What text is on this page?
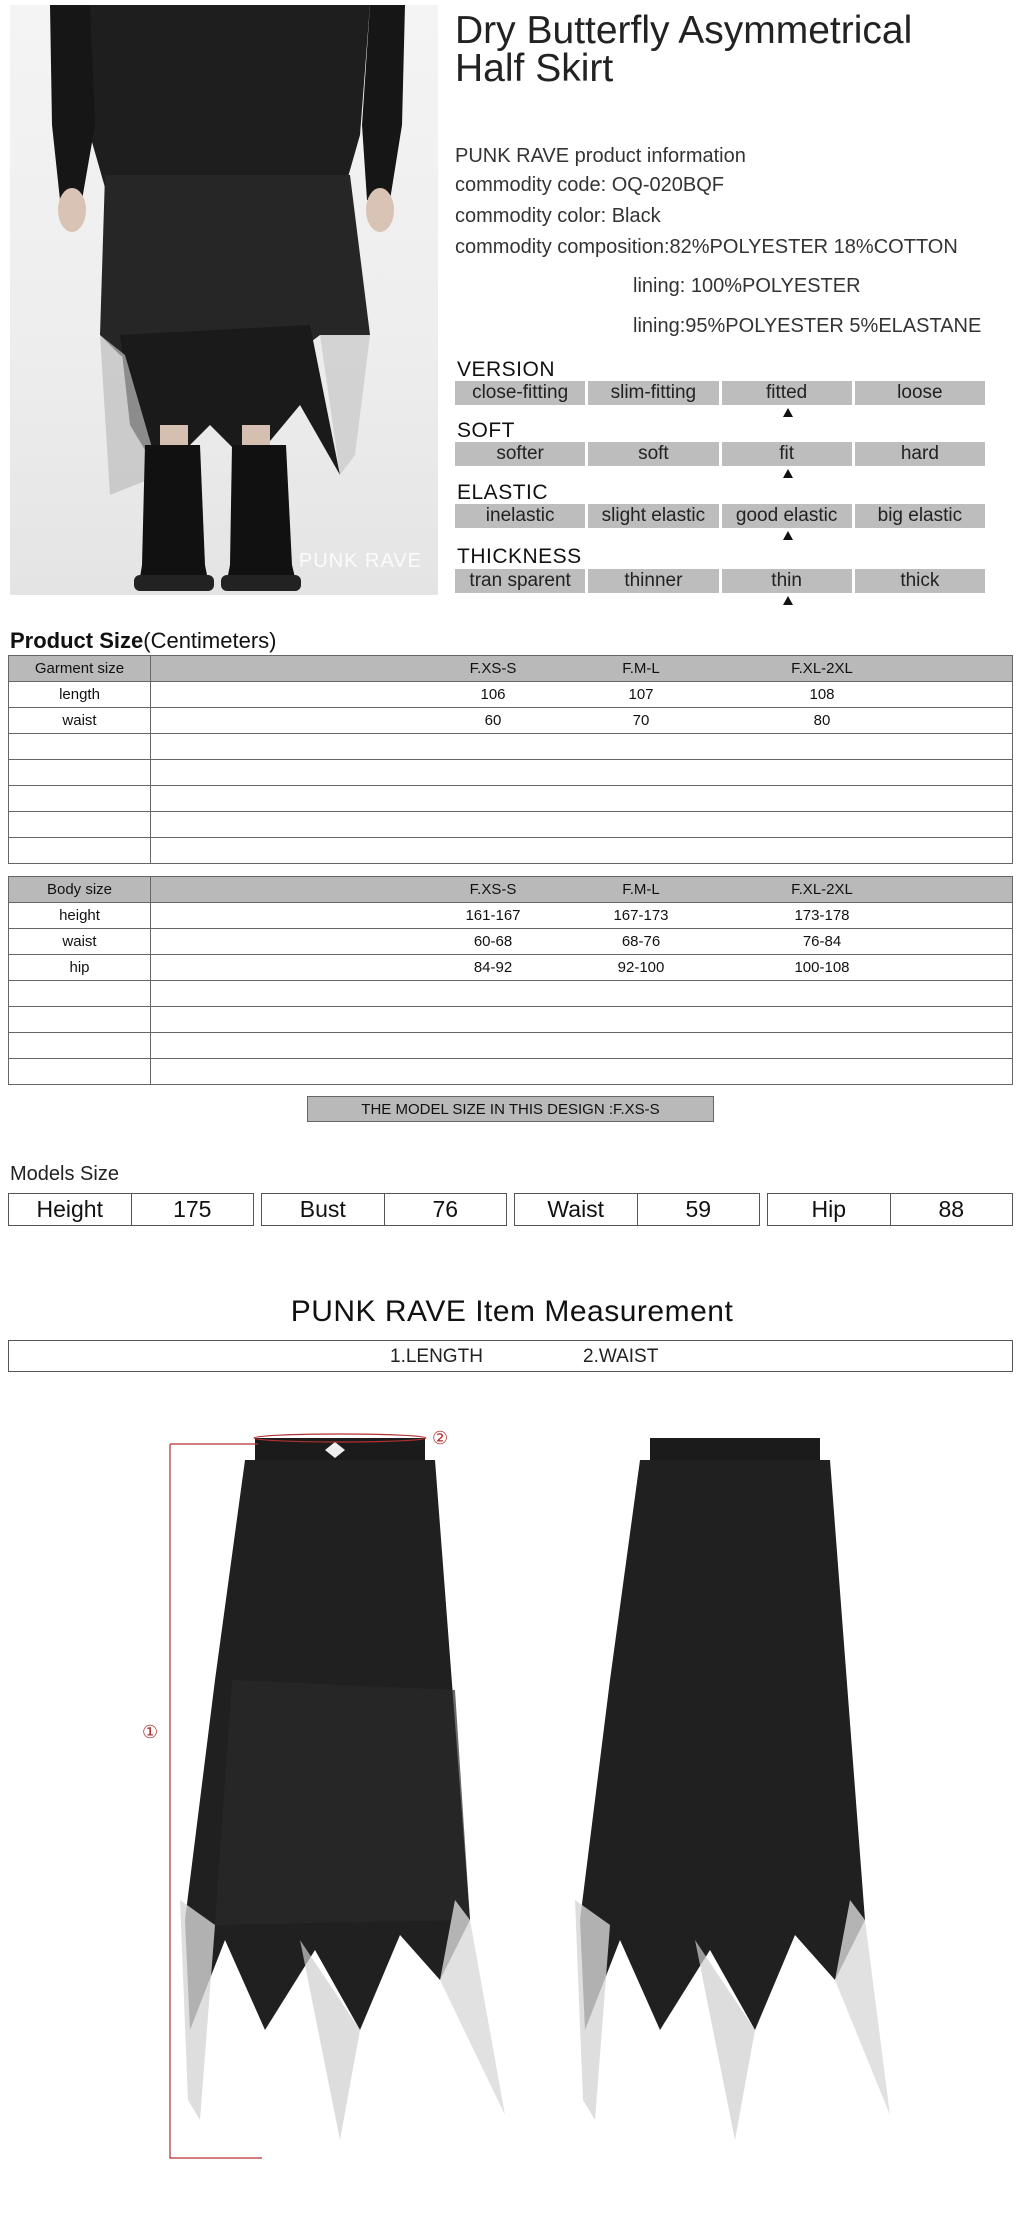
PUNK RAVE
Dry Butterfly Asymmetrical
Half Skirt
PUNK RAVE product information
commodity code: OQ-020BQF
commodity color: Black
commodity composition:82%POLYESTER 18%COTTON
lining: 100%POLYESTER
lining:95%POLYESTER 5%ELASTANE
VERSION
close-fitting	slim-fitting	fitted	loose
SOFT
softer	soft	fit	hard
ELASTIC
inelastic	slight elastic	good elastic	big elastic
THICKNESS
tran sparent	thinner	thin	thick
Product Size(Centimeters)
Garment size	F.XS-S F.M-L F.XL-2XL

length	106 107 108

waist	60 70 80

Body size	F.XS-S F.M-L F.XL-2XL

height	161-167 167-173 173-178

waist	60-68 68-76 76-84

hip	84-92 92-100 100-108

THE MODEL SIZE IN THIS DESIGN :F.XS-S
Models Size
Height	175	Bust	76	Waist	59	Hip	88
PUNK RAVE Item Measurement
1.LENGTH	2.WAIST
①
②
